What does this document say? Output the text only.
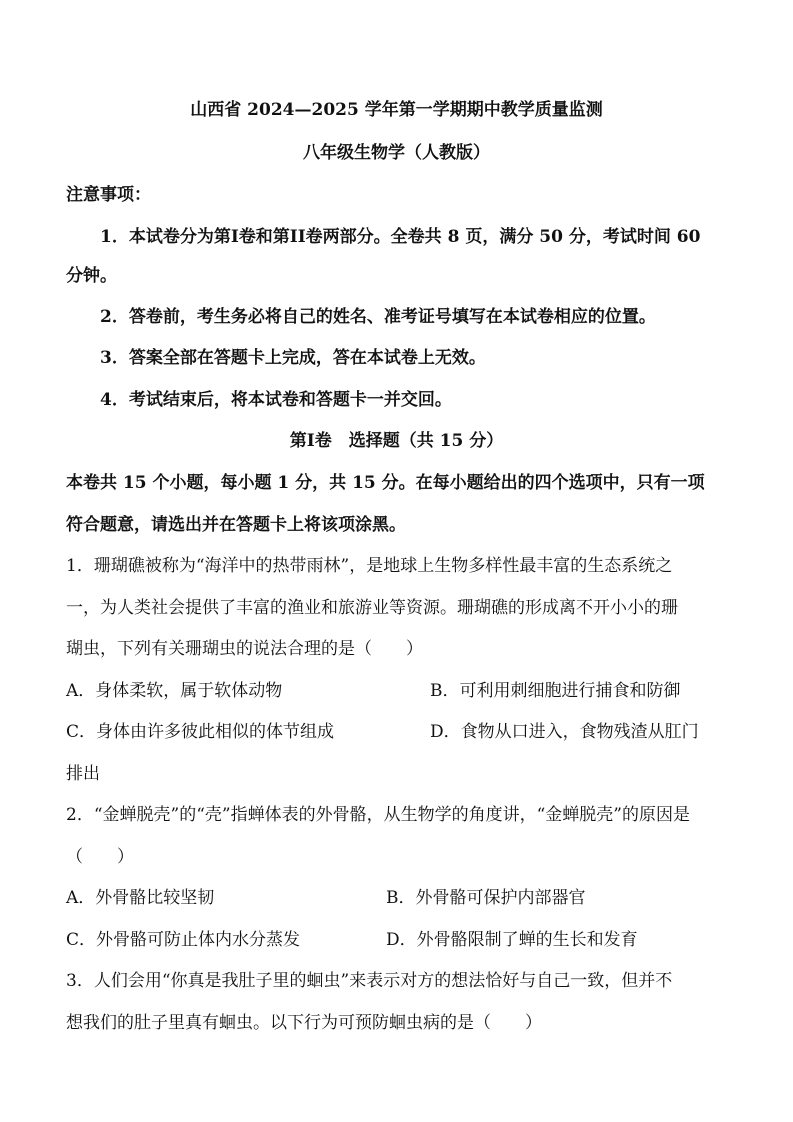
山西省 2024—2025 学年第一学期期中教学质量监测
八年级生物学（人教版）
注意事项：
1．本试卷分为第I卷和第II卷两部分。全卷共 8 页，满分 50 分，考试时间 60
分钟。
2．答卷前，考生务必将自己的姓名、准考证号填写在本试卷相应的位置。
3．答案全部在答题卡上完成，答在本试卷上无效。
4．考试结束后，将本试卷和答题卡一并交回。
第I卷　选择题（共 15 分）
本卷共 15 个小题，每小题 1 分，共 15 分。在每小题给出的四个选项中，只有一项
符合题意，请选出并在答题卡上将该项涂黑。
1．珊瑚礁被称为“海洋中的热带雨林”，是地球上生物多样性最丰富的生态系统之
一，为人类社会提供了丰富的渔业和旅游业等资源。珊瑚礁的形成离不开小小的珊
瑚虫，下列有关珊瑚虫的说法合理的是（　　）
A．身体柔软，属于软体动物	B．可利用刺细胞进行捕食和防御
C．身体由许多彼此相似的体节组成	D．食物从口进入，食物残渣从肛门
排出
2．“金蝉脱壳”的“壳”指蝉体表的外骨骼，从生物学的角度讲，“金蝉脱壳”的原因是
（　　）
A．外骨骼比较坚韧	B．外骨骼可保护内部器官
C．外骨骼可防止体内水分蒸发	D．外骨骼限制了蝉的生长和发育
3．人们会用“你真是我肚子里的蛔虫”来表示对方的想法恰好与自己一致，但并不
想我们的肚子里真有蛔虫。以下行为可预防蛔虫病的是（　　）
